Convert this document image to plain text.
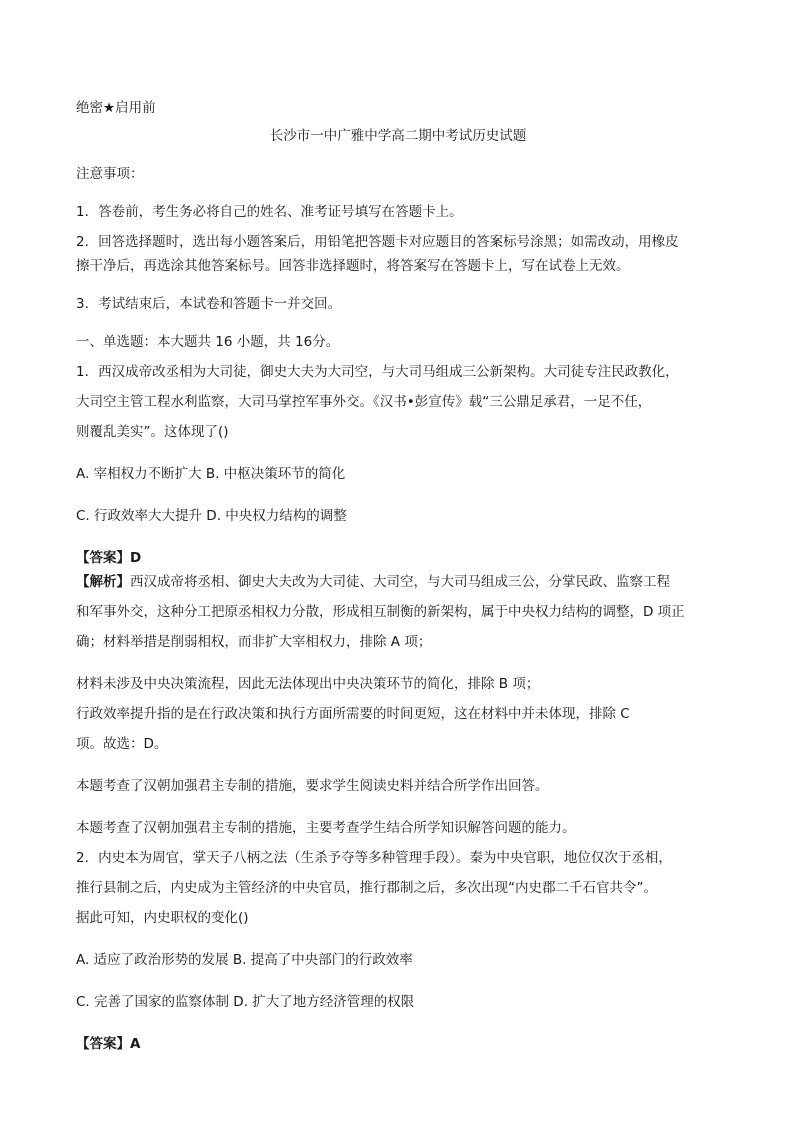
绝密★启用前
长沙市一中广雅中学高二期中考试历史试题
注意事项：
1．答卷前，考生务必将自己的姓名、准考证号填写在答题卡上。
2．回答选择题时，选出每小题答案后，用铅笔把答题卡对应题目的答案标号涂黑；如需改动，用橡皮
擦干净后，再选涂其他答案标号。回答非选择题时，将答案写在答题卡上，写在试卷上无效。
3．考试结束后，本试卷和答题卡一并交回。
一、单选题：本大题共 16 小题，共 16分。
1．西汉成帝改丞相为大司徒，御史大夫为大司空，与大司马组成三公新架构。大司徒专注民政教化，
大司空主管工程水利监察，大司马掌控军事外交。《汉书•彭宣传》载“三公鼎足承君，一足不任，
则覆乱美实”。这体现了()
A. 宰相权力不断扩大 B. 中枢决策环节的简化
C. 行政效率大大提升 D. 中央权力结构的调整
【答案】D
【解析】西汉成帝将丞相、御史大夫改为大司徒、大司空，与大司马组成三公，分掌民政、监察工程
和军事外交，这种分工把原丞相权力分散，形成相互制衡的新架构，属于中央权力结构的调整，D 项正
确；材料举措是削弱相权，而非扩大宰相权力，排除 A 项；
材料未涉及中央决策流程，因此无法体现出中央决策环节的简化，排除 B 项；
行政效率提升指的是在行政决策和执行方面所需要的时间更短，这在材料中并未体现，排除 C
项。故选：D。
本题考查了汉朝加强君主专制的措施，要求学生阅读史料并结合所学作出回答。
本题考查了汉朝加强君主专制的措施，主要考查学生结合所学知识解答问题的能力。
2．内史本为周官，掌天子八柄之法（生杀予夺等多种管理手段）。秦为中央官职，地位仅次于丞相，
推行县制之后，内史成为主管经济的中央官员，推行郡制之后，多次出现“内史郡二千石官共令”。
据此可知，内史职权的变化()
A. 适应了政治形势的发展 B. 提高了中央部门的行政效率
C. 完善了国家的监察体制 D. 扩大了地方经济管理的权限
【答案】A
